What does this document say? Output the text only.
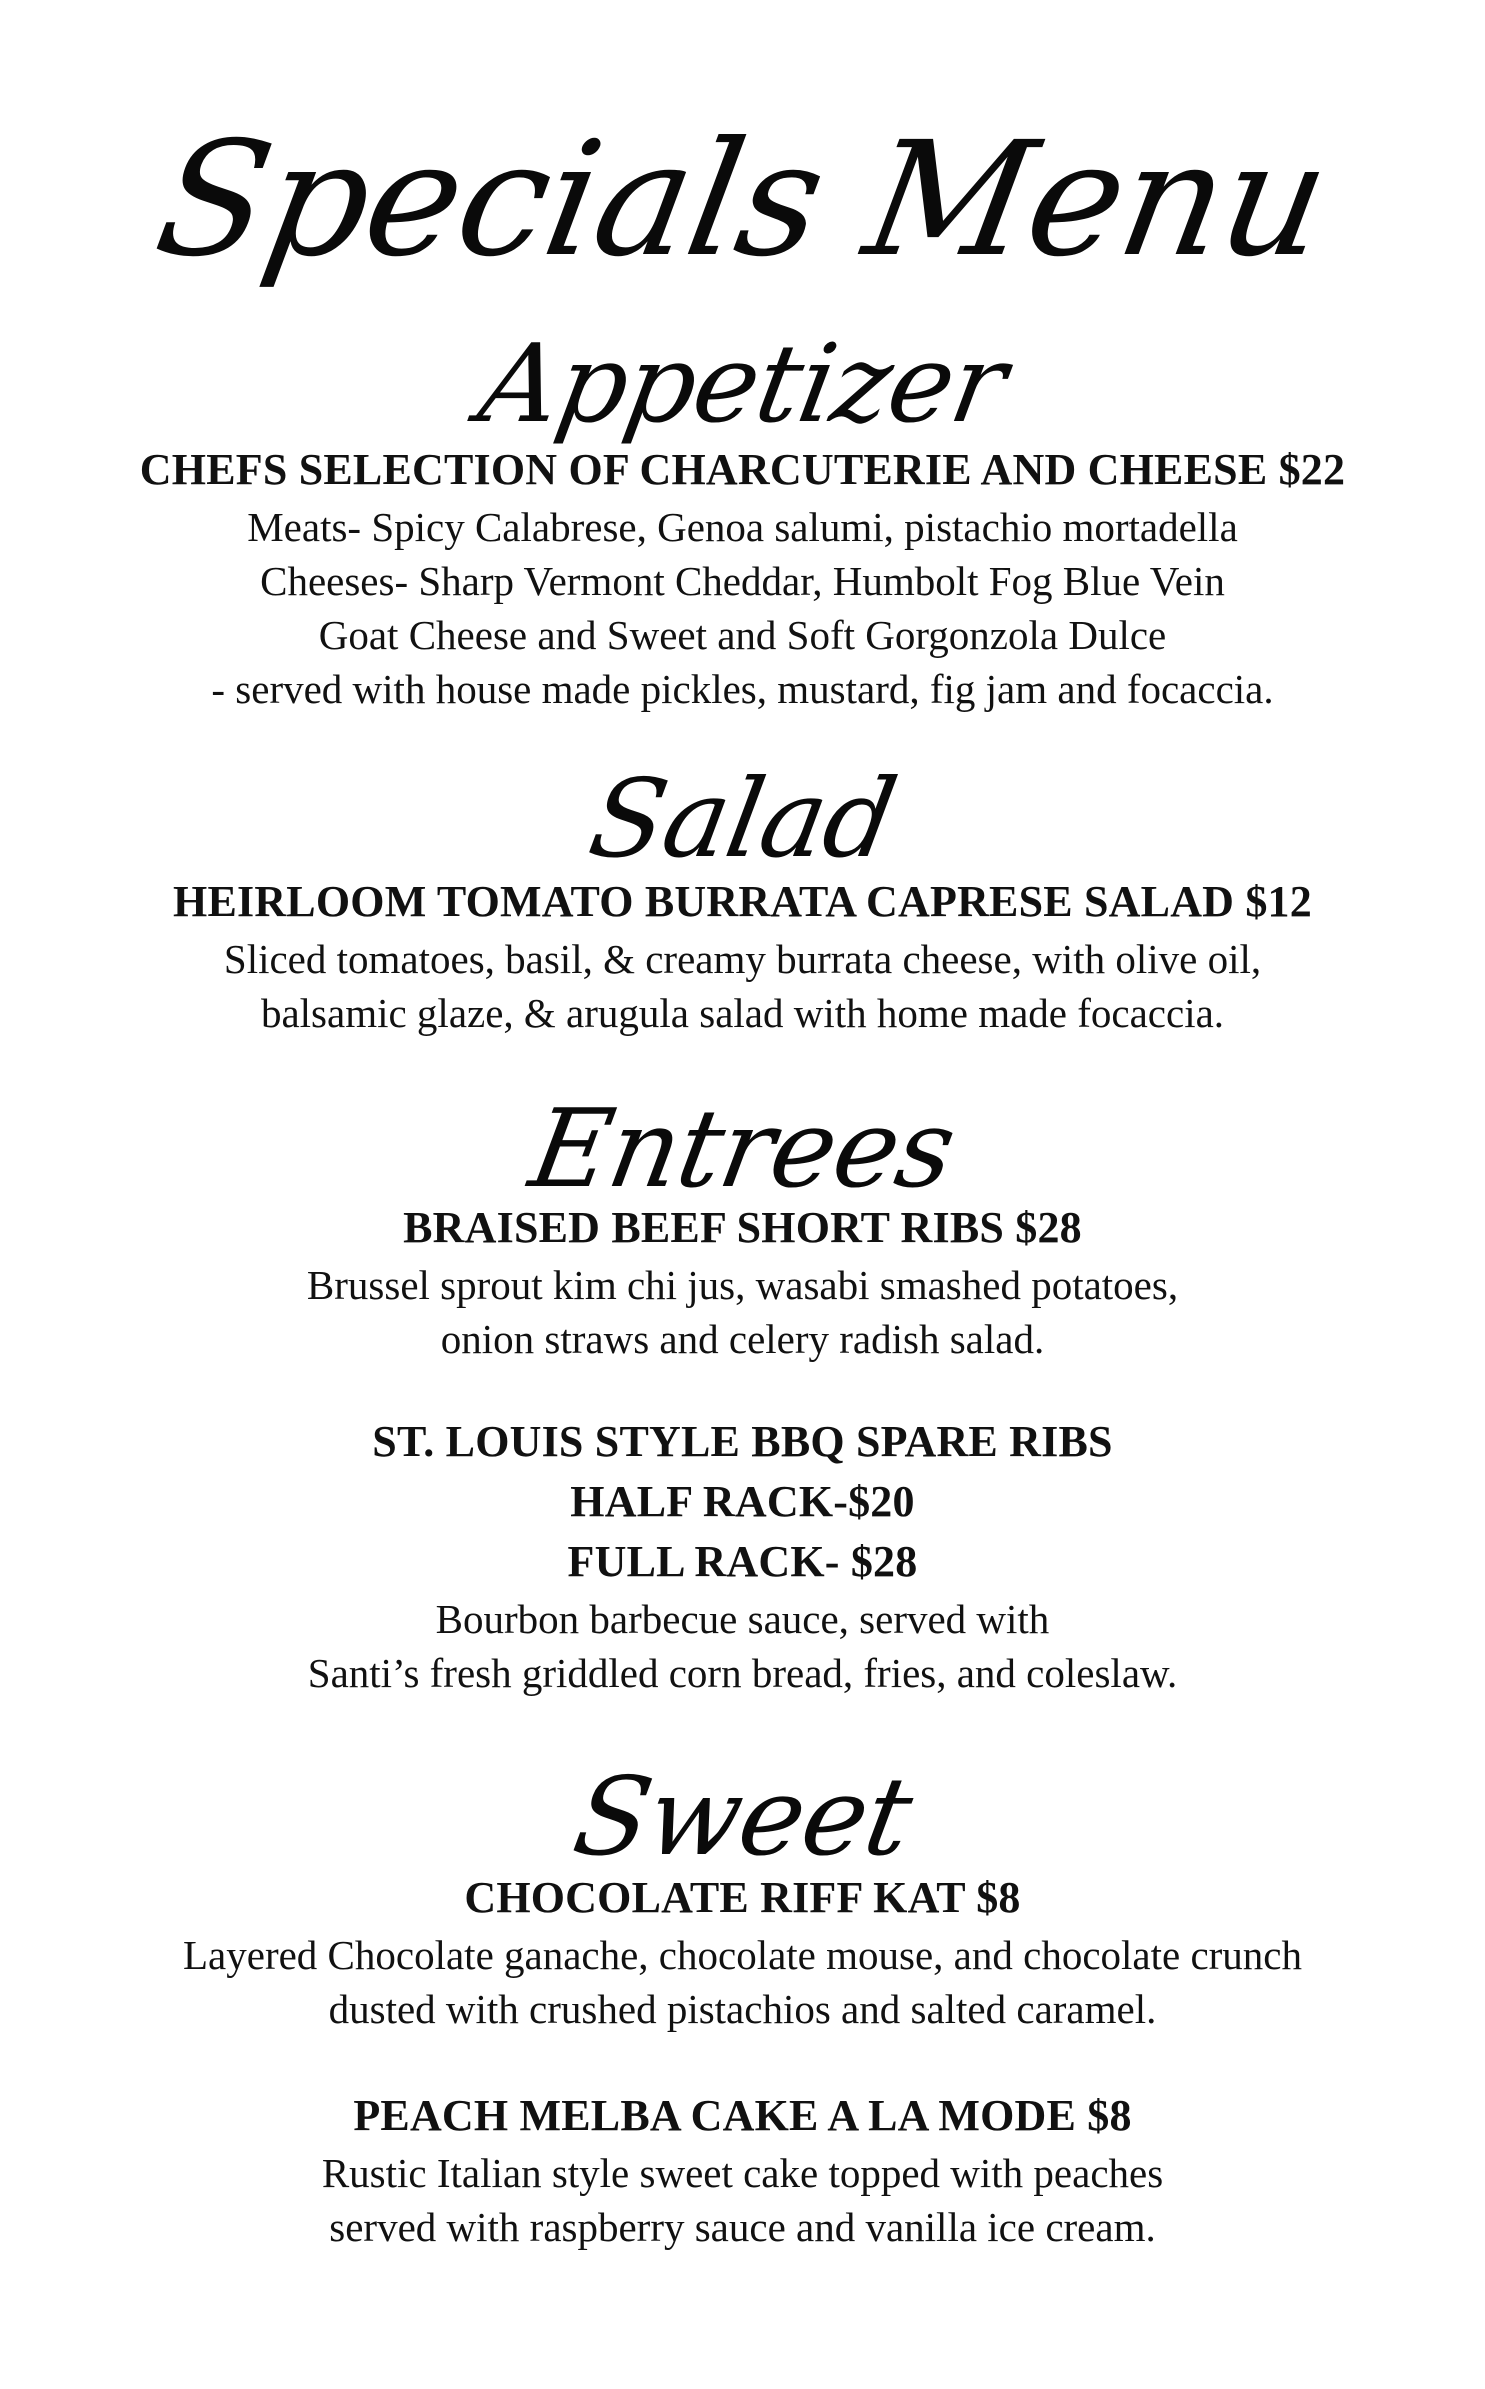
Specials Menu
Appetizer
CHEFS SELECTION OF CHARCUTERIE AND CHEESE $22
Meats- Spicy Calabrese, Genoa salumi, pistachio mortadella
Cheeses- Sharp Vermont Cheddar, Humbolt Fog Blue Vein
Goat Cheese and Sweet and Soft Gorgonzola Dulce
- served with house made pickles, mustard, fig jam and focaccia.
Salad
HEIRLOOM TOMATO BURRATA CAPRESE SALAD $12
Sliced tomatoes, basil, & creamy burrata cheese, with olive oil,
balsamic glaze, & arugula salad with home made focaccia.
Entrees
BRAISED BEEF SHORT RIBS $28
Brussel sprout kim chi jus, wasabi smashed potatoes,
onion straws and celery radish salad.
ST. LOUIS STYLE BBQ SPARE RIBS
HALF RACK-$20
FULL RACK- $28
Bourbon barbecue sauce, served with
Santi’s fresh griddled corn bread, fries, and coleslaw.
Sweet
CHOCOLATE RIFF KAT $8
Layered Chocolate ganache, chocolate mouse, and chocolate crunch
dusted with crushed pistachios and salted caramel.
PEACH MELBA CAKE A LA MODE $8
Rustic Italian style sweet cake topped with peaches
served with raspberry sauce and vanilla ice cream.
